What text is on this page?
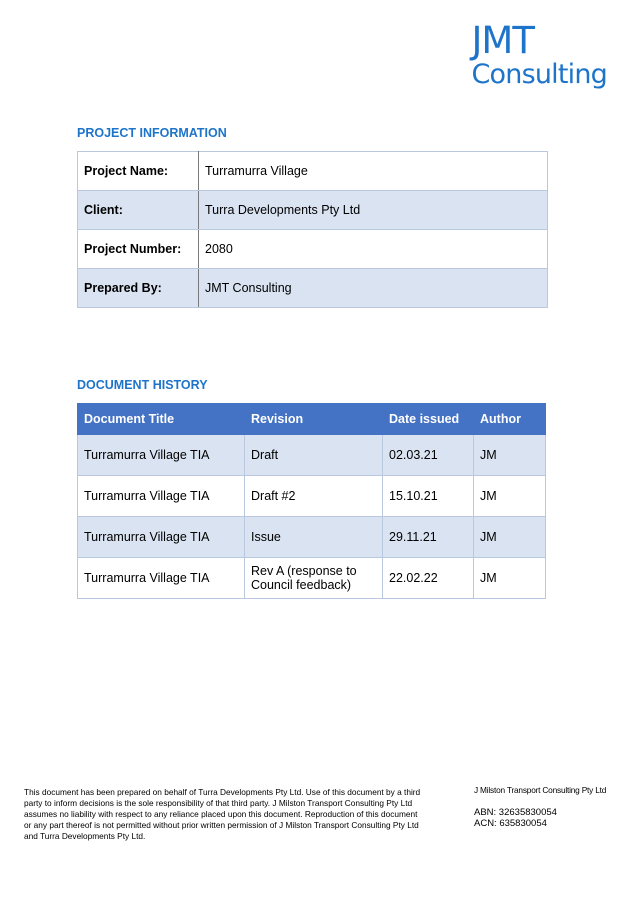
JMT
Consulting
PROJECT INFORMATION
Project Name:	Turramurra Village
Client:	Turra Developments Pty Ltd
Project Number:	2080
Prepared By:	JMT Consulting
DOCUMENT HISTORY
Document Title	Revision	Date issued	Author
Turramurra Village TIA	Draft	02.03.21	JM
Turramurra Village TIA	Draft #2	15.10.21	JM
Turramurra Village TIA	Issue	29.11.21	JM
Turramurra Village TIA	Rev A (response to Council feedback)	22.02.22	JM
This document has been prepared on behalf of Turra Developments Pty Ltd. Use of this document by a third party to inform decisions is the sole responsibility of that third party. J Milston Transport Consulting Pty Ltd assumes no liability with respect to any reliance placed upon this document. Reproduction of this document or any part thereof is not permitted without prior written permission of J Milston Transport Consulting Pty Ltd and Turra Developments Pty Ltd.
J Milston Transport Consulting Pty Ltd
ABN: 32635830054
ACN: 635830054
